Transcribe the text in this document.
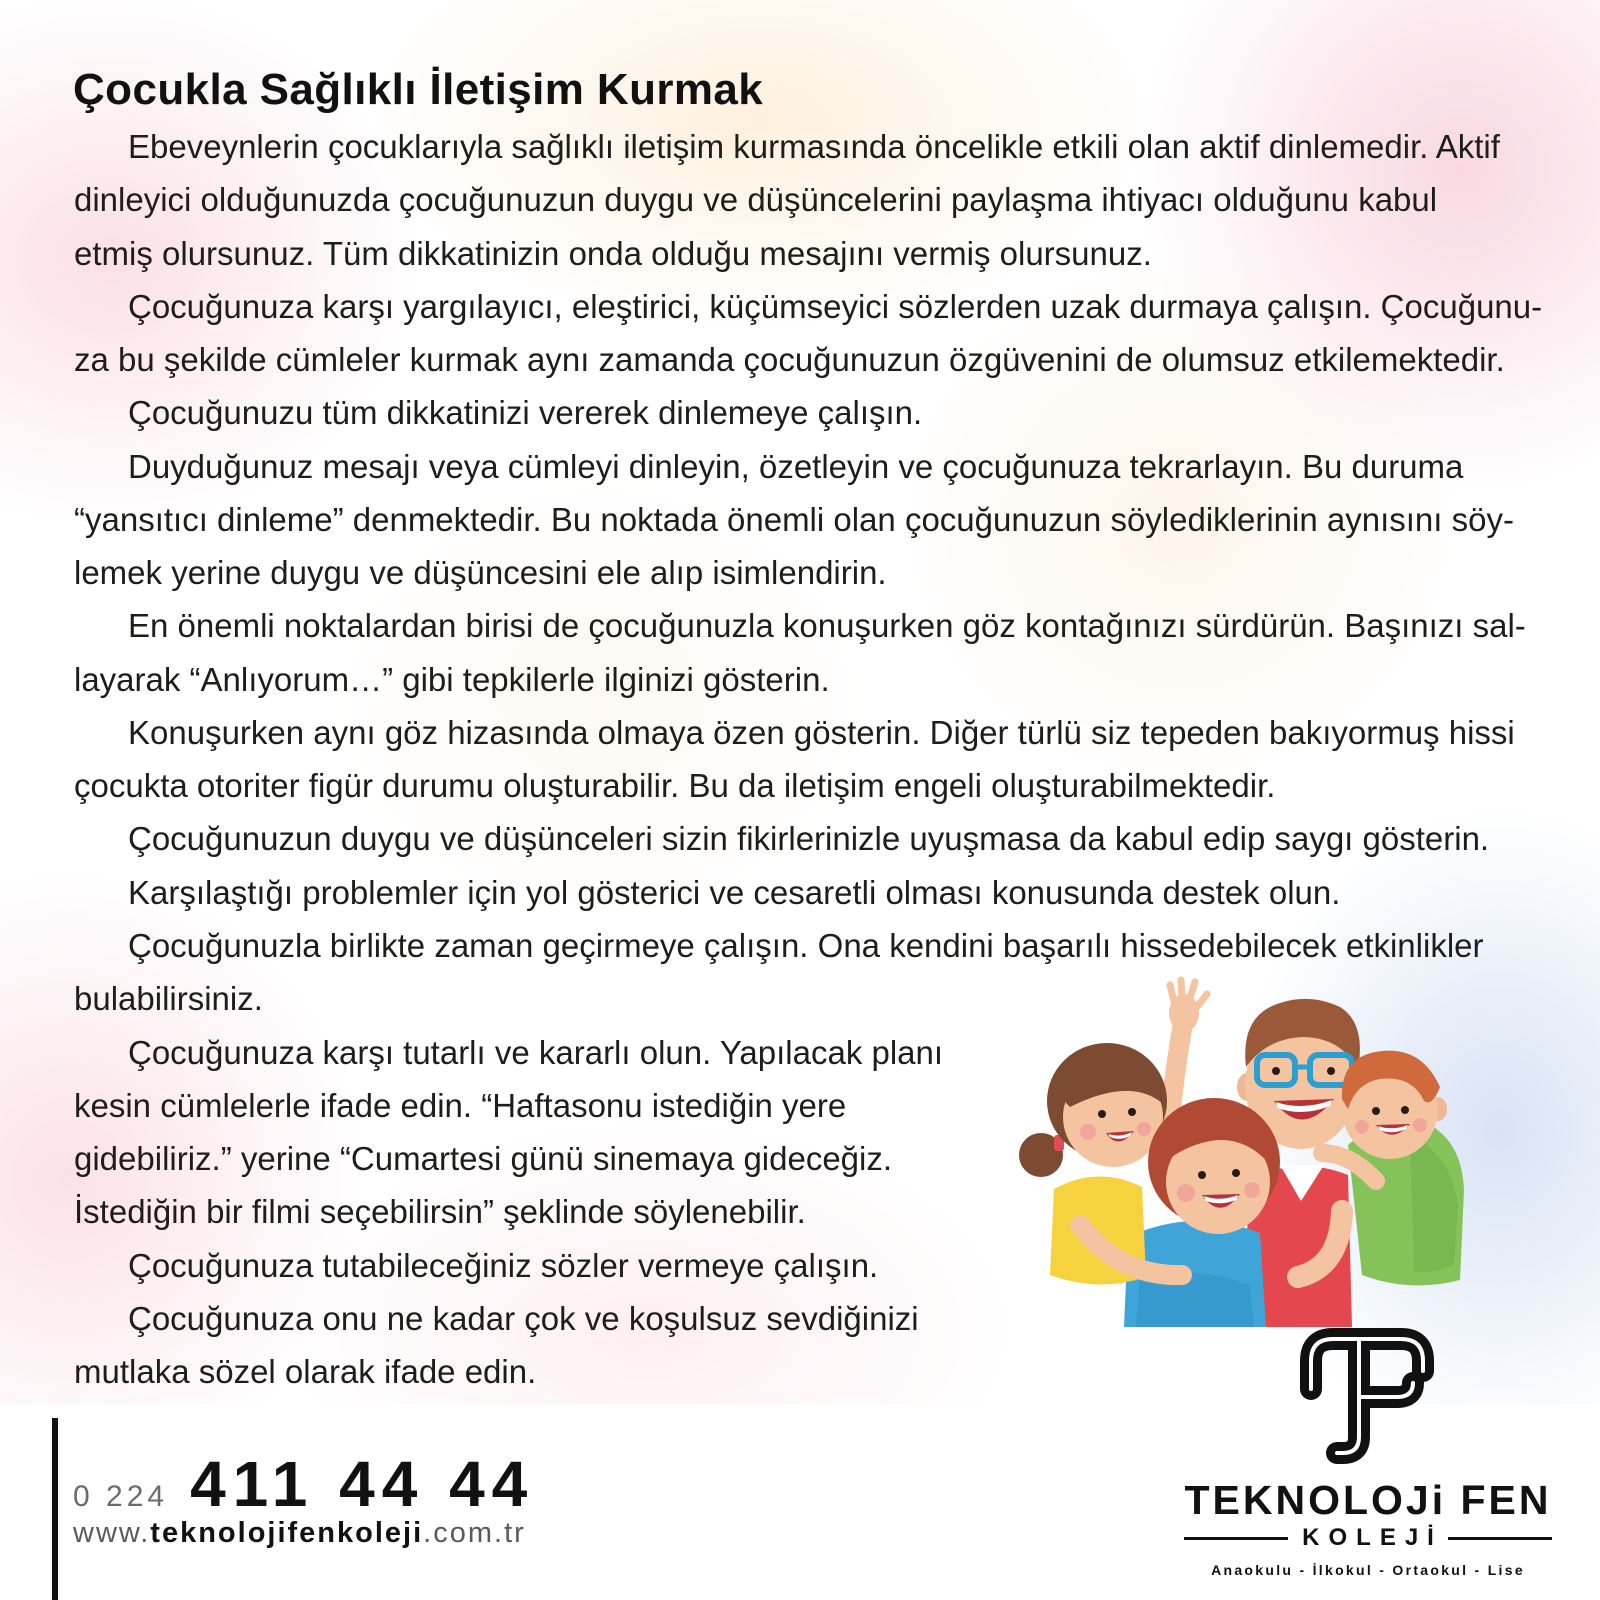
Çocukla Sağlıklı İletişim Kurmak
Ebeveynlerin çocuklarıyla sağlıklı iletişim kurmasında öncelikle etkili olan aktif dinlemedir. Aktif
dinleyici olduğunuzda çocuğunuzun duygu ve düşüncelerini paylaşma ihtiyacı olduğunu kabul
etmiş olursunuz. Tüm dikkatinizin onda olduğu mesajını vermiş olursunuz.
Çocuğunuza karşı yargılayıcı, eleştirici, küçümseyici sözlerden uzak durmaya çalışın. Çocuğunu-
za bu şekilde cümleler kurmak aynı zamanda çocuğunuzun özgüvenini de olumsuz etkilemektedir.
Çocuğunuzu tüm dikkatinizi vererek dinlemeye çalışın.
Duyduğunuz mesajı veya cümleyi dinleyin, özetleyin ve çocuğunuza tekrarlayın. Bu duruma
“yansıtıcı dinleme” denmektedir. Bu noktada önemli olan çocuğunuzun söylediklerinin aynısını söy-
lemek yerine duygu ve düşüncesini ele alıp isimlendirin.
En önemli noktalardan birisi de çocuğunuzla konuşurken göz kontağınızı sürdürün. Başınızı sal-
layarak “Anlıyorum…” gibi tepkilerle ilginizi gösterin.
Konuşurken aynı göz hizasında olmaya özen gösterin. Diğer türlü siz tepeden bakıyormuş hissi
çocukta otoriter figür durumu oluşturabilir. Bu da iletişim engeli oluşturabilmektedir.
Çocuğunuzun duygu ve düşünceleri sizin fikirlerinizle uyuşmasa da kabul edip saygı gösterin.
Karşılaştığı problemler için yol gösterici ve cesaretli olması konusunda destek olun.
Çocuğunuzla birlikte zaman geçirmeye çalışın. Ona kendini başarılı hissedebilecek etkinlikler
bulabilirsiniz.
Çocuğunuza karşı tutarlı ve kararlı olun. Yapılacak planı
kesin cümlelerle ifade edin. “Haftasonu istediğin yere
gidebiliriz.” yerine “Cumartesi günü sinemaya gideceğiz.
İstediğin bir filmi seçebilirsin” şeklinde söylenebilir.
Çocuğunuza tutabileceğiniz sözler vermeye çalışın.
Çocuğunuza onu ne kadar çok ve koşulsuz sevdiğinizi
mutlaka sözel olarak ifade edin.
TEKNOLOJi FEN
KOLEJİ
Anaokulu - İlkokul - Ortaokul - Lise
0 224 411 44 44
www.teknolojifenkoleji.com.tr
